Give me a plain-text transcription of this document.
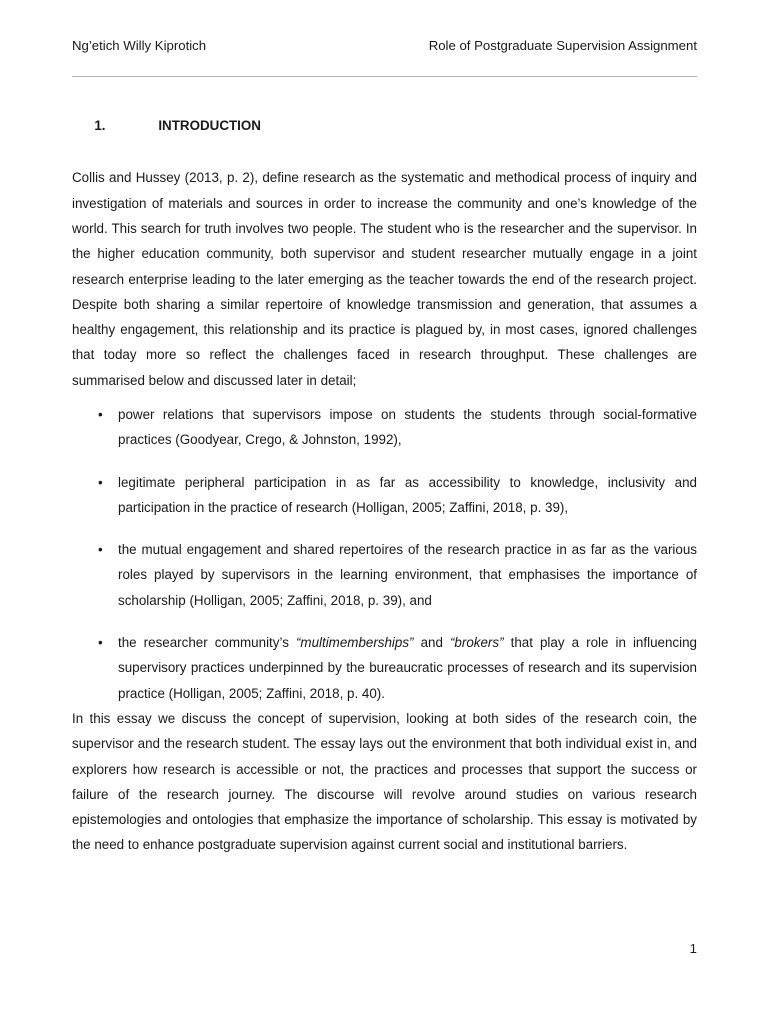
Ng’etich Willy Kiprotich	Role of Postgraduate Supervision Assignment

1.	INTRODUCTION

Collis and Hussey (2013, p. 2), define research as the systematic and methodical process of inquiry and investigation of materials and sources in order to increase the community and one’s knowledge of the world. This search for truth involves two people. The student who is the researcher and the supervisor. In the higher education community, both supervisor and student researcher mutually engage in a joint research enterprise leading to the later emerging as the teacher towards the end of the research project. Despite both sharing a similar repertoire of knowledge transmission and generation, that assumes a healthy engagement, this relationship and its practice is plagued by, in most cases, ignored challenges that today more so reflect the challenges faced in research throughput. These challenges are summarised below and discussed later in detail;

• power relations that supervisors impose on students the students through social-formative practices (Goodyear, Crego, & Johnston, 1992),
• legitimate peripheral participation in as far as accessibility to knowledge, inclusivity and participation in the practice of research (Holligan, 2005; Zaffini, 2018, p. 39),
• the mutual engagement and shared repertoires of the research practice in as far as the various roles played by supervisors in the learning environment, that emphasises the importance of scholarship (Holligan, 2005; Zaffini, 2018, p. 39), and
• the researcher community’s “multimemberships” and “brokers” that play a role in influencing supervisory practices underpinned by the bureaucratic processes of research and its supervision practice (Holligan, 2005; Zaffini, 2018, p. 40).

In this essay we discuss the concept of supervision, looking at both sides of the research coin, the supervisor and the research student. The essay lays out the environment that both individual exist in, and explorers how research is accessible or not, the practices and processes that support the success or failure of the research journey. The discourse will revolve around studies on various research epistemologies and ontologies that emphasize the importance of scholarship. This essay is motivated by the need to enhance postgraduate supervision against current social and institutional barriers.

1
